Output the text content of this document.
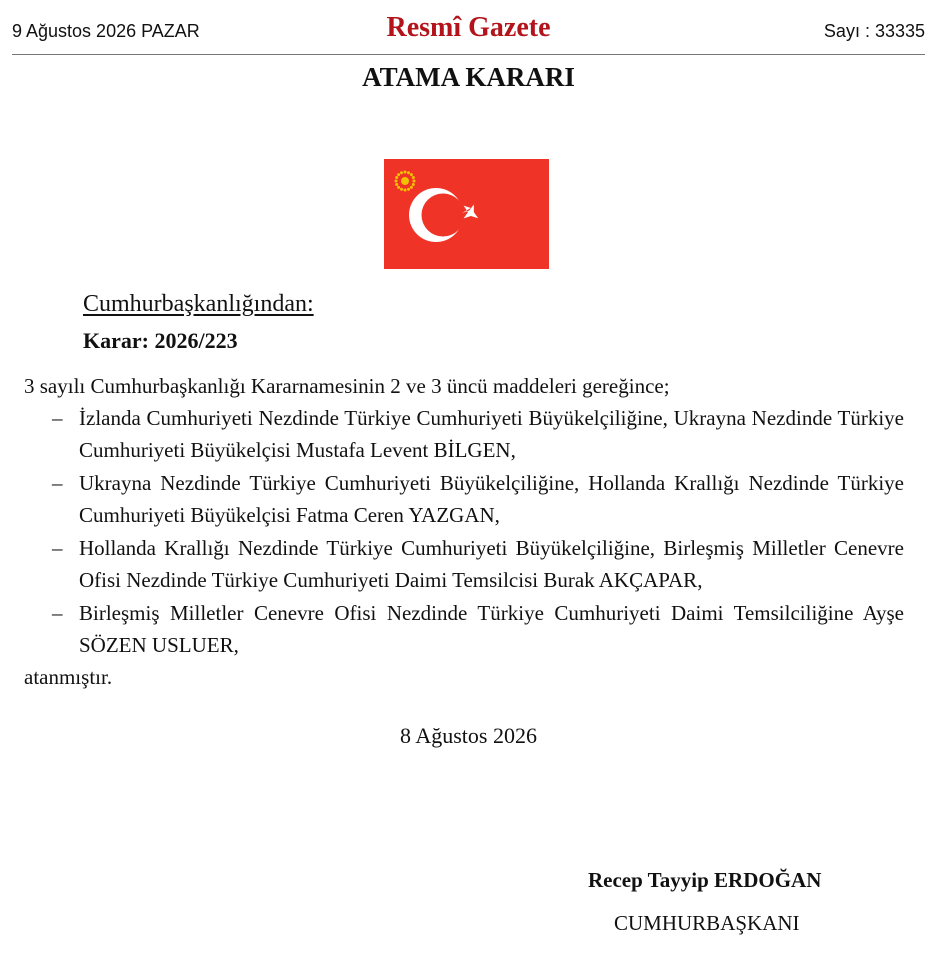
9 Ağustos 2026 PAZAR	Resmî Gazete	Sayı : 33335
ATAMA KARARI
Cumhurbaşkanlığından:
Karar: 2026/223
3 sayılı Cumhurbaşkanlığı Kararnamesinin 2 ve 3 üncü maddeleri gereğince;
– İzlanda Cumhuriyeti Nezdinde Türkiye Cumhuriyeti Büyükelçiliğine, Ukrayna Nezdinde Türkiye Cumhuriyeti Büyükelçisi Mustafa Levent BİLGEN,
– Ukrayna Nezdinde Türkiye Cumhuriyeti Büyükelçiliğine, Hollanda Krallığı Nezdinde Türkiye Cumhuriyeti Büyükelçisi Fatma Ceren YAZGAN,
– Hollanda Krallığı Nezdinde Türkiye Cumhuriyeti Büyükelçiliğine, Birleşmiş Milletler Cenevre Ofisi Nezdinde Türkiye Cumhuriyeti Daimi Temsilcisi Burak AKÇAPAR,
– Birleşmiş Milletler Cenevre Ofisi Nezdinde Türkiye Cumhuriyeti Daimi Temsilciliğine Ayşe SÖZEN USLUER,
atanmıştır.
8 Ağustos 2026
Recep Tayyip ERDOĞAN
CUMHURBAŞKANI
